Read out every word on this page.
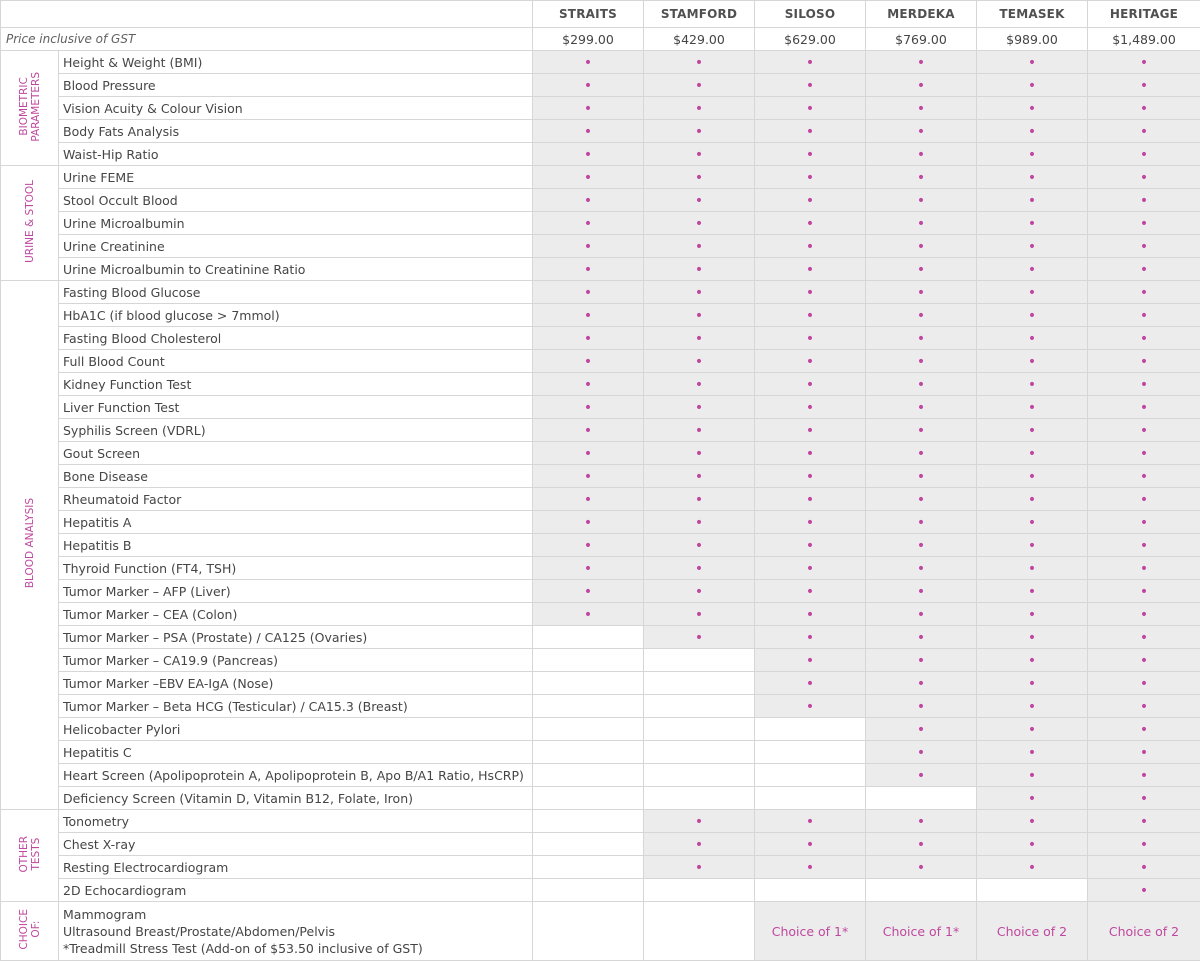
		STRAITS	STAMFORD	SILOSO	MERDEKA	TEMASEK	HERITAGE
Price inclusive of GST		$299.00	$429.00	$629.00	$769.00	$989.00	$1,489.00
BIOMETRIC
PARAMETERS	Height & Weight (BMI)	•	•	•	•	•	•
	Blood Pressure	•	•	•	•	•	•
	Vision Acuity & Colour Vision	•	•	•	•	•	•
	Body Fats Analysis	•	•	•	•	•	•
	Waist-Hip Ratio	•	•	•	•	•	•
URINE & STOOL	Urine FEME	•	•	•	•	•	•
	Stool Occult Blood	•	•	•	•	•	•
	Urine Microalbumin	•	•	•	•	•	•
	Urine Creatinine	•	•	•	•	•	•
	Urine Microalbumin to Creatinine Ratio	•	•	•	•	•	•
BLOOD ANALYSIS	Fasting Blood Glucose	•	•	•	•	•	•
	HbA1C (if blood glucose > 7mmol)	•	•	•	•	•	•
	Fasting Blood Cholesterol	•	•	•	•	•	•
	Full Blood Count	•	•	•	•	•	•
	Kidney Function Test	•	•	•	•	•	•
	Liver Function Test	•	•	•	•	•	•
	Syphilis Screen (VDRL)	•	•	•	•	•	•
	Gout Screen	•	•	•	•	•	•
	Bone Disease	•	•	•	•	•	•
	Rheumatoid Factor	•	•	•	•	•	•
	Hepatitis A	•	•	•	•	•	•
	Hepatitis B	•	•	•	•	•	•
	Thyroid Function (FT4, TSH)	•	•	•	•	•	•
	Tumor Marker – AFP (Liver)	•	•	•	•	•	•
	Tumor Marker – CEA (Colon)	•	•	•	•	•	•
	Tumor Marker – PSA (Prostate) / CA125 (Ovaries)		•	•	•	•	•
	Tumor Marker – CA19.9 (Pancreas)			•	•	•	•
	Tumor Marker –EBV EA-IgA (Nose)			•	•	•	•
	Tumor Marker – Beta HCG (Testicular) / CA15.3 (Breast)			•	•	•	•
	Helicobacter Pylori				•	•	•
	Hepatitis C				•	•	•
	Heart Screen (Apolipoprotein A, Apolipoprotein B, Apo B/A1 Ratio, HsCRP)				•	•	•
	Deficiency Screen (Vitamin D, Vitamin B12, Folate, Iron)					•	•
OTHER
TESTS	Tonometry		•	•	•	•	•
	Chest X-ray		•	•	•	•	•
	Resting Electrocardiogram		•	•	•	•	•
	2D Echocardiogram						•
CHOICE
OF:	Mammogram
Ultrasound Breast/Prostate/Abdomen/Pelvis
*Treadmill Stress Test (Add-on of $53.50 inclusive of GST)			Choice of 1*	Choice of 1*	Choice of 2	Choice of 2
